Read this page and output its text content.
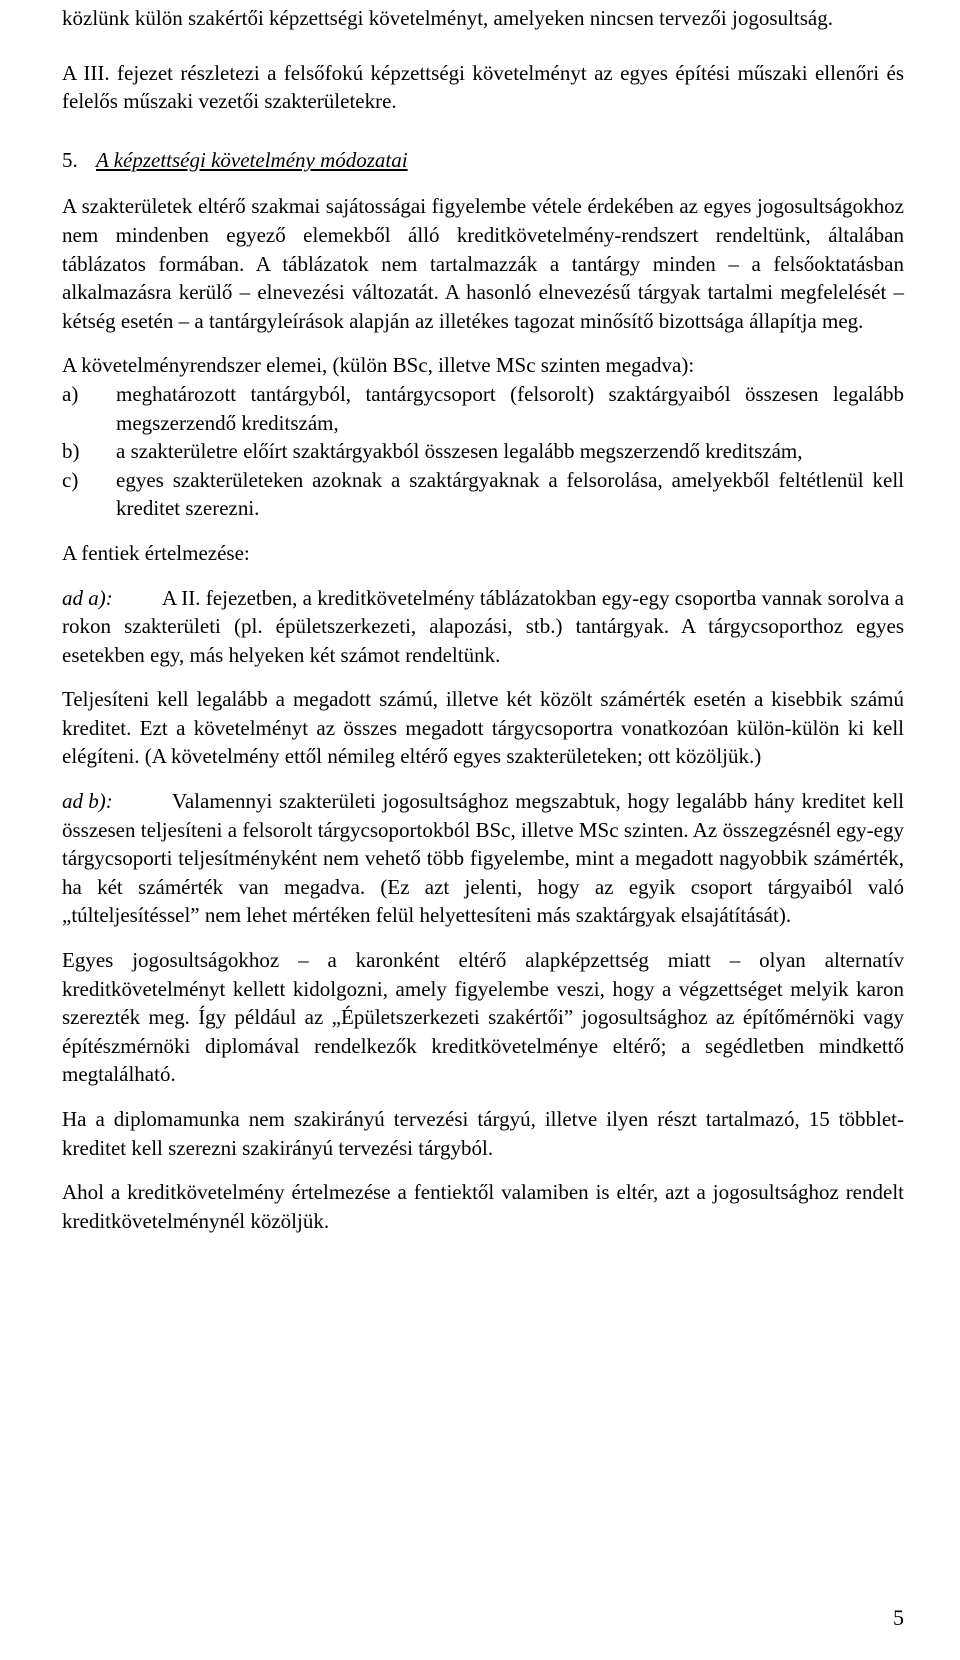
közlünk külön szakértői képzettségi követelményt, amelyeken nincsen tervezői jogosultság.

A III. fejezet részletezi a felsőfokú képzettségi követelményt az egyes építési műszaki ellenőri és felelős műszaki vezetői szakterületekre.

5. A képzettségi követelmény módozatai

A szakterületek eltérő szakmai sajátosságai figyelembe vétele érdekében az egyes jogosultságokhoz nem mindenben egyező elemekből álló kreditkövetelmény-rendszert rendeltünk, általában táblázatos formában. A táblázatok nem tartalmazzák a tantárgy minden – a felsőoktatásban alkalmazásra kerülő – elnevezési változatát. A hasonló elnevezésű tárgyak tartalmi megfelelését – kétség esetén – a tantárgyleírások alapján az illetékes tagozat minősítő bizottsága állapítja meg.

A követelményrendszer elemei, (külön BSc, illetve MSc szinten megadva):

a)	meghatározott tantárgyból, tantárgycsoport (felsorolt) szaktárgyaiból összesen legalább megszerzendő kreditszám,
b)	a szakterületre előírt szaktárgyakból összesen legalább megszerzendő kreditszám,
c)	egyes szakterületeken azoknak a szaktárgyaknak a felsorolása, amelyekből feltétlenül kell kreditet szerezni.

A fentiek értelmezése:

ad a): A II. fejezetben, a kreditkövetelmény táblázatokban egy-egy csoportba vannak sorolva a rokon szakterületi (pl. épületszerkezeti, alapozási, stb.) tantárgyak. A tárgycsoporthoz egyes esetekben egy, más helyeken két számot rendeltünk.

Teljesíteni kell legalább a megadott számú, illetve két közölt számérték esetén a kisebbik számú kreditet. Ezt a követelményt az összes megadott tárgycsoportra vonatkozóan külön-külön ki kell elégíteni. (A követelmény ettől némileg eltérő egyes szakterületeken; ott közöljük.)

ad b):	Valamennyi szakterületi jogosultsághoz megszabtuk, hogy legalább hány kreditet kell összesen teljesíteni a felsorolt tárgycsoportokból BSc, illetve MSc szinten. Az összegzésnél egy-egy tárgycsoporti teljesítményként nem vehető több figyelembe, mint a megadott nagyobbik számérték, ha két számérték van megadva. (Ez azt jelenti, hogy az egyik csoport tárgyaiból való „túlteljesítéssel” nem lehet mértéken felül helyettesíteni más szaktárgyak elsajátítását).

Egyes jogosultságokhoz – a karonként eltérő alapképzettség miatt – olyan alternatív kreditkövetelményt kellett kidolgozni, amely figyelembe veszi, hogy a végzettséget melyik karon szerezték meg. Így például az „Épületszerkezeti szakértői” jogosultsághoz az építőmérnöki vagy építészmérnöki diplomával rendelkezők kreditkövetelménye eltérő; a segédletben mindkettő megtalálható.

Ha a diplomamunka nem szakirányú tervezési tárgyú, illetve ilyen részt tartalmazó, 15 többlet-kreditet kell szerezni szakirányú tervezési tárgyból.

Ahol a kreditkövetelmény értelmezése a fentiektől valamiben is eltér, azt a jogosultsághoz rendelt kreditkövetelménynél közöljük.

5
